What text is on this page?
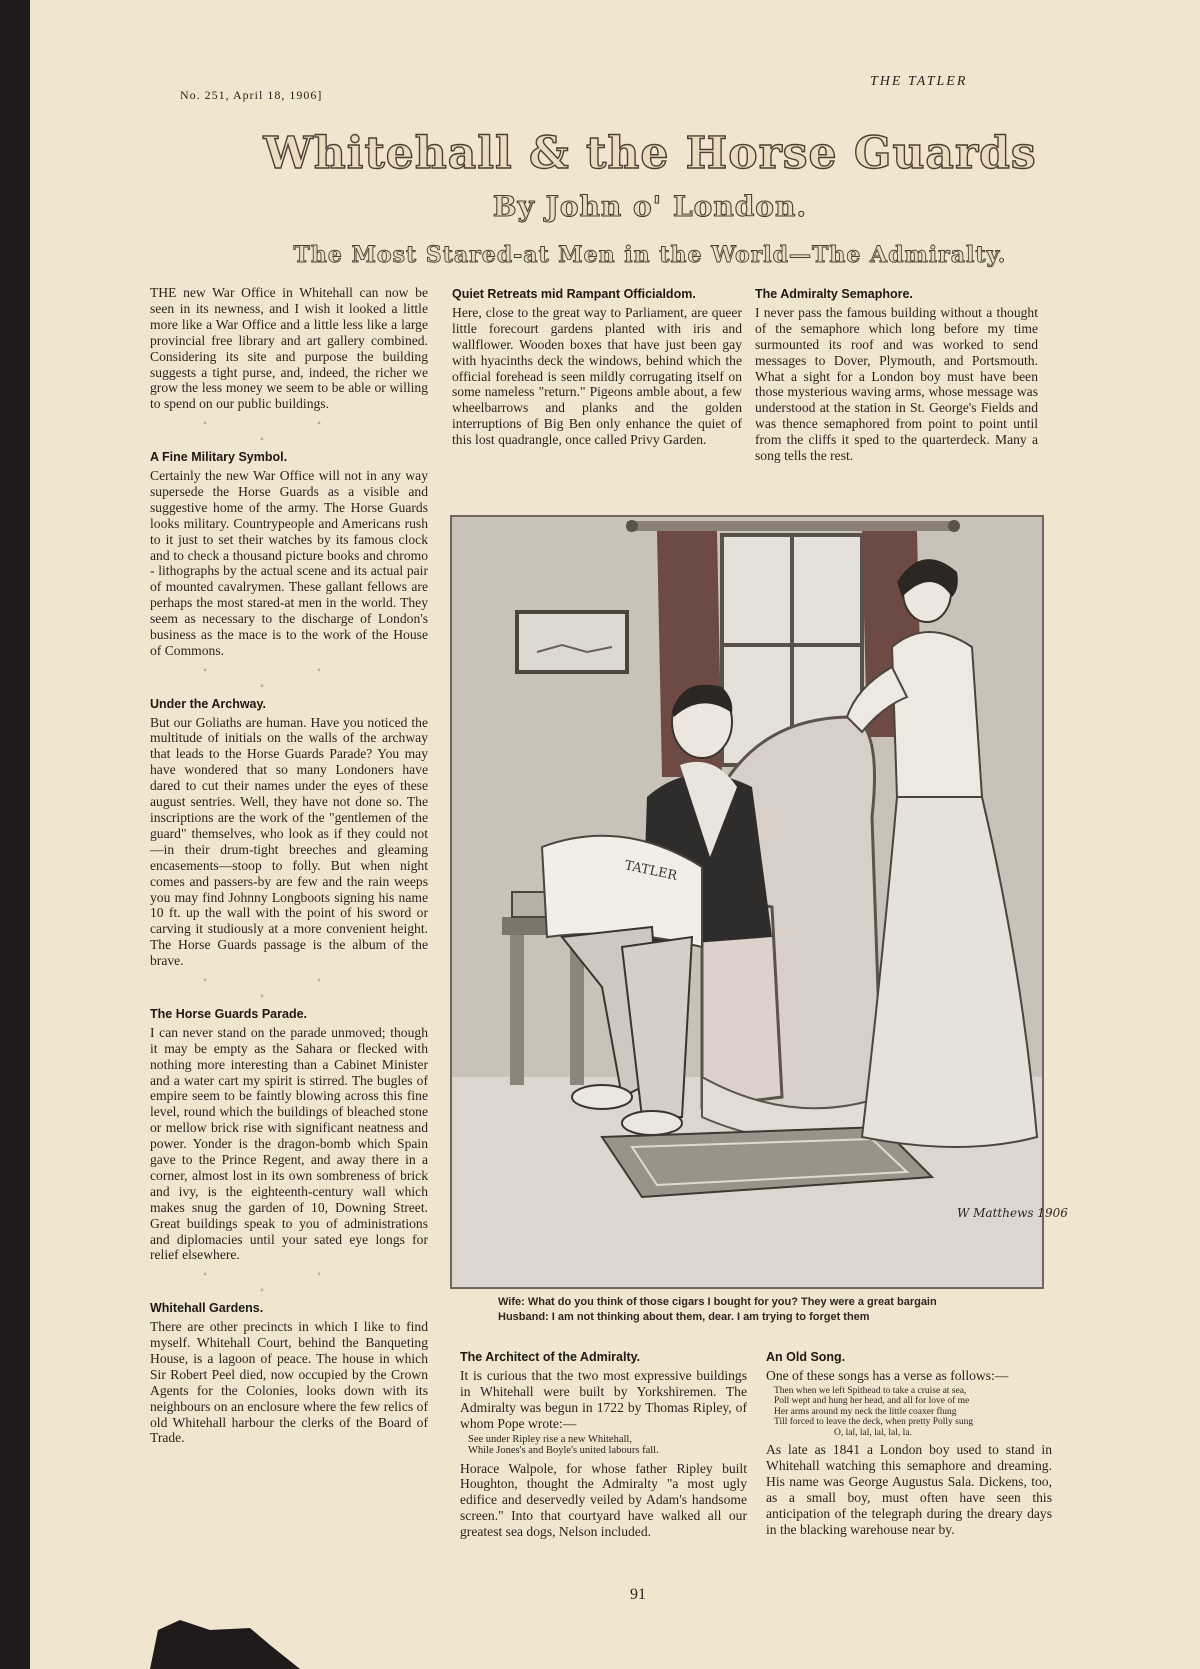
No. 251, April 18, 1906]
THE TATLER
Whitehall & the Horse Guards
By John o' London.
The Most Stared-at Men in the World—The Admiralty.

THE new War Office in Whitehall can now be seen in its newness, and I wish it looked a little more like a War Office and a little less like a large provincial free library and art gallery combined. Considering its site and purpose the building suggests a tight purse, and, indeed, the richer we grow the less money we seem to be able or willing to spend on our public buildings.

◦ ◦ ◦
A Fine Military Symbol.

Certainly the new War Office will not in any way supersede the Horse Guards as a visible and suggestive home of the army. The Horse Guards looks military. Countrypeople and Americans rush to it just to set their watches by its famous clock and to check a thousand picture books and chromo - lithographs by the actual scene and its actual pair of mounted cavalrymen. These gallant fellows are perhaps the most stared-at men in the world. They seem as necessary to the discharge of London's business as the mace is to the work of the House of Commons.

◦ ◦ ◦
Under the Archway.

But our Goliaths are human. Have you noticed the multitude of initials on the walls of the archway that leads to the Horse Guards Parade? You may have wondered that so many Londoners have dared to cut their names under the eyes of these august sentries. Well, they have not done so. The inscriptions are the work of the "gentlemen of the guard" themselves, who look as if they could not—in their drum-tight breeches and gleaming encasements—stoop to folly. But when night comes and passers-by are few and the rain weeps you may find Johnny Longboots signing his name 10 ft. up the wall with the point of his sword or carving it studiously at a more convenient height. The Horse Guards passage is the album of the brave.

◦ ◦ ◦
The Horse Guards Parade.

I can never stand on the parade unmoved; though it may be empty as the Sahara or flecked with nothing more interesting than a Cabinet Minister and a water cart my spirit is stirred. The bugles of empire seem to be faintly blowing across this fine level, round which the buildings of bleached stone or mellow brick rise with significant neatness and power. Yonder is the dragon-bomb which Spain gave to the Prince Regent, and away there in a corner, almost lost in its own sombreness of brick and ivy, is the eighteenth-century wall which makes snug the garden of 10, Downing Street. Great buildings speak to you of administrations and diplomacies until your sated eye longs for relief elsewhere.

◦ ◦ ◦
Whitehall Gardens.

There are other precincts in which I like to find myself. Whitehall Court, behind the Banqueting House, is a lagoon of peace. The house in which Sir Robert Peel died, now occupied by the Crown Agents for the Colonies, looks down with its neighbours on an enclosure where the few relics of old Whitehall harbour the clerks of the Board of Trade.

Quiet Retreats mid Rampant Officialdom.

Here, close to the great way to Parliament, are queer little forecourt gardens planted with iris and wallflower. Wooden boxes that have just been gay with hyacinths deck the windows, behind which the official forehead is seen mildly corrugating itself on some nameless "return." Pigeons amble about, a few wheelbarrows and planks and the golden interruptions of Big Ben only enhance the quiet of this lost quadrangle, once called Privy Garden.

The Admiralty Semaphore.

I never pass the famous building without a thought of the semaphore which long before my time surmounted its roof and was worked to send messages to Dover, Plymouth, and Portsmouth. What a sight for a London boy must have been those mysterious waving arms, whose message was understood at the station in St. George's Fields and was thence semaphored from point to point until from the cliffs it sped to the quarterdeck. Many a song tells the rest.

TATLER
W Matthews 1906
Wife: What do you think of those cigars I bought for you? They were a great bargain
Husband: I am not thinking about them, dear. I am trying to forget them
The Architect of the Admiralty.

It is curious that the two most expressive buildings in Whitehall were built by Yorkshiremen. The Admiralty was begun in 1722 by Thomas Ripley, of whom Pope wrote:—

See under Ripley rise a new Whitehall,
While Jones's and Boyle's united labours fall.

Horace Walpole, for whose father Ripley built Houghton, thought the Admiralty "a most ugly edifice and deservedly veiled by Adam's handsome screen." Into that courtyard have walked all our greatest sea dogs, Nelson included.

An Old Song.

One of these songs has a verse as follows:—

Then when we left Spithead to take a cruise at sea,
Poll wept and hung her head, and all for love of me
Her arms around my neck the little coaxer flung
Till forced to leave the deck, when pretty Polly sung
O, lal, lal, lal, lal, la.

As late as 1841 a London boy used to stand in Whitehall watching this semaphore and dreaming. His name was George Augustus Sala. Dickens, too, as a small boy, must often have seen this anticipation of the telegraph during the dreary days in the blacking warehouse near by.

91
